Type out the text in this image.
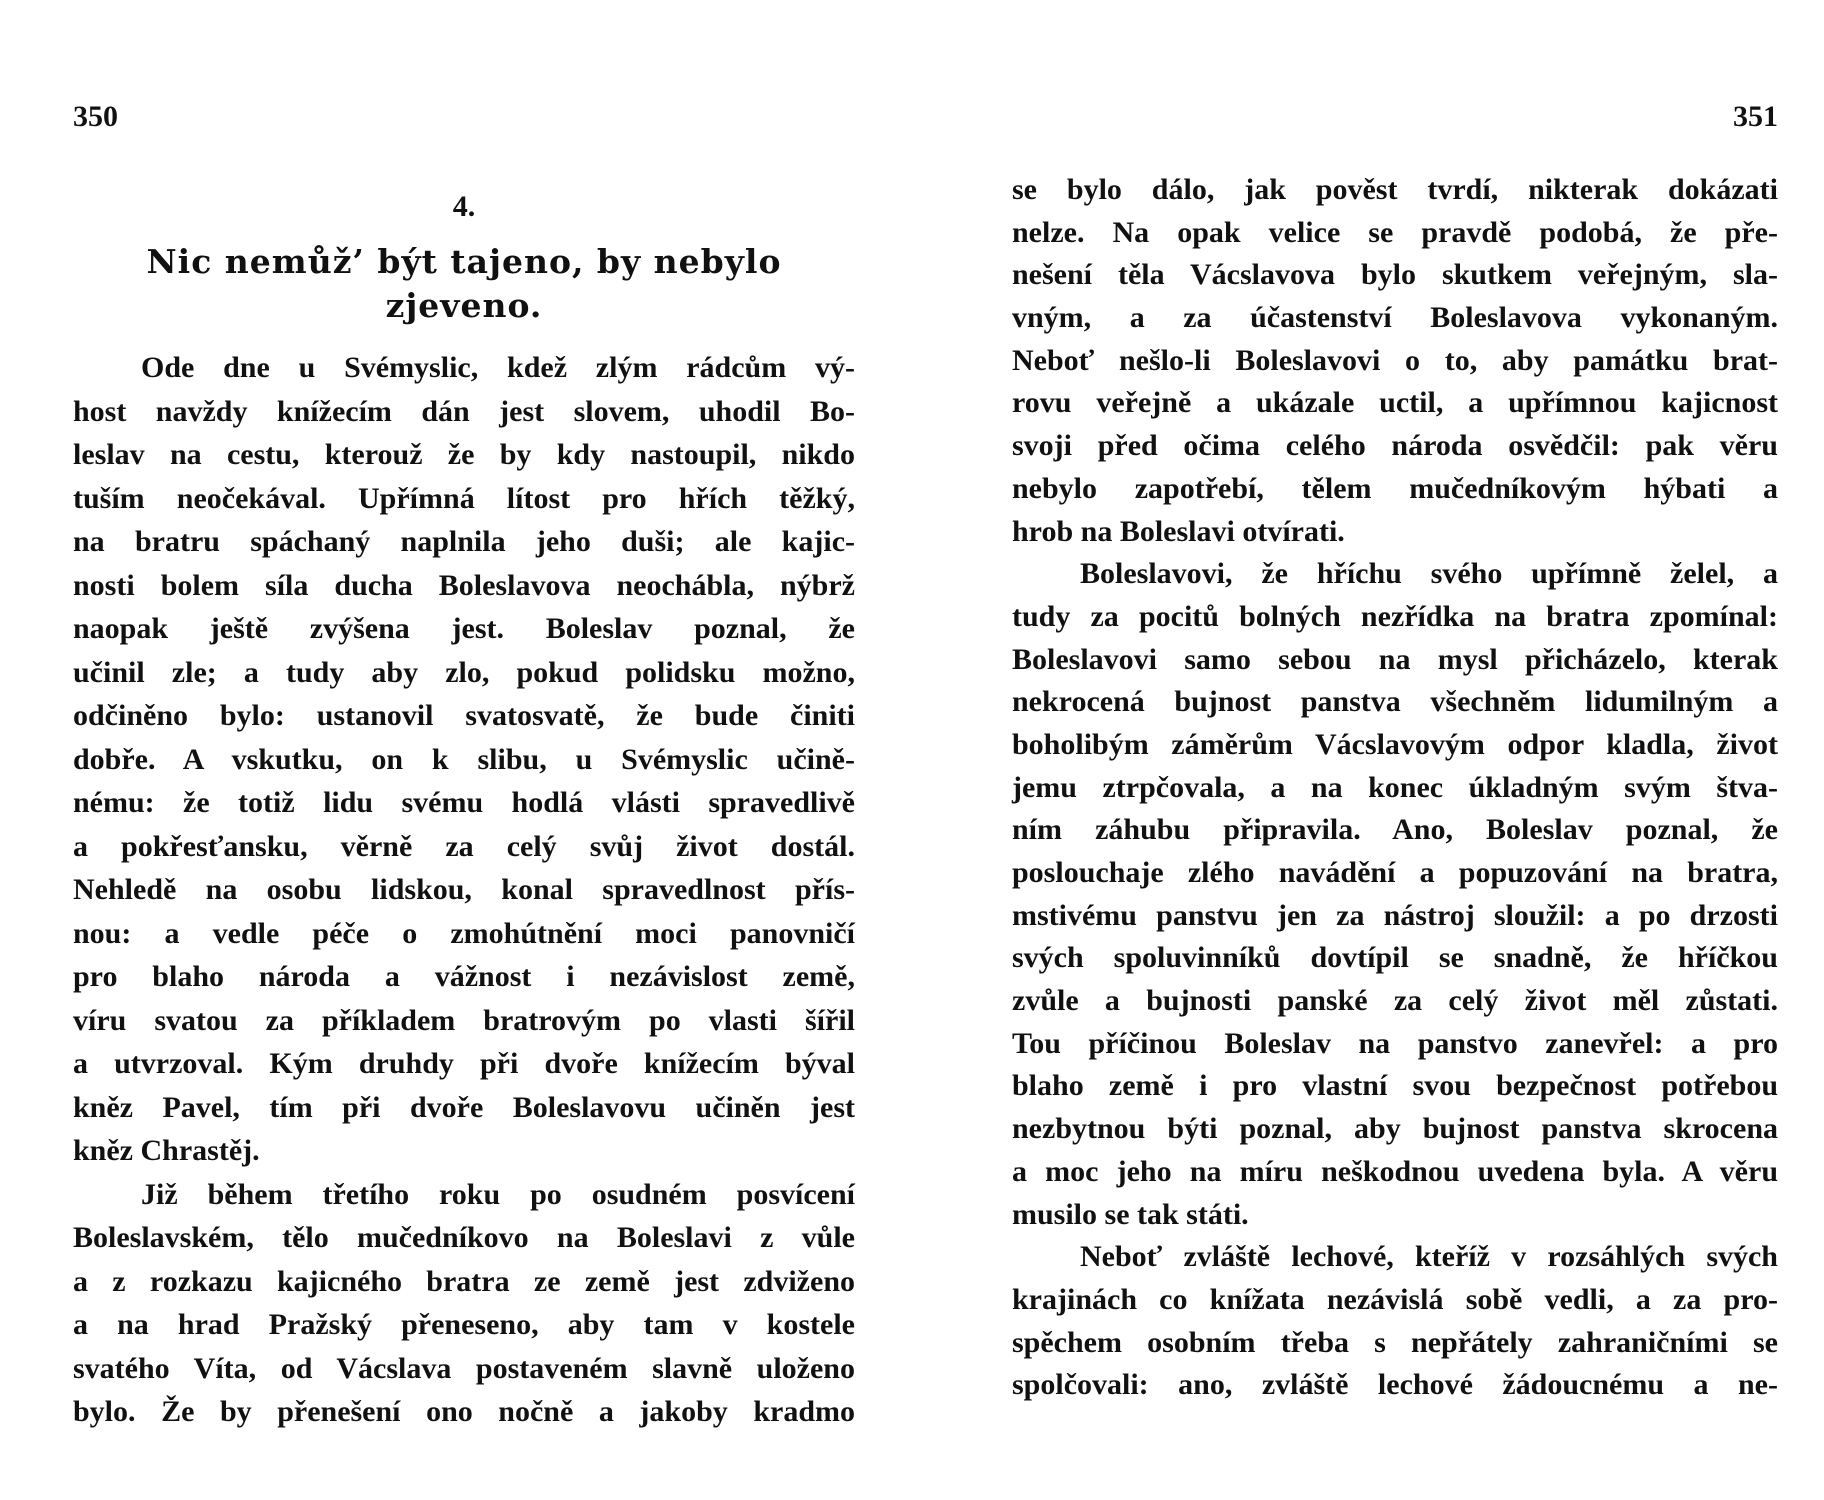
350
4.
Nic nemůž’ být tajeno, by nebylo
zjeveno.
Ode dne u Svémyslic, kdež zlým rádcům vý-
host navždy knížecím dán jest slovem, uhodil Bo-
leslav na cestu, kterouž že by kdy nastoupil, nikdo
tuším neočekával. Upřímná lítost pro hřích těžký,
na bratru spáchaný naplnila jeho duši; ale kajic-
nosti bolem síla ducha Boleslavova neochábla, nýbrž
naopak ještě zvýšena jest. Boleslav poznal, že
učinil zle; a tudy aby zlo, pokud polidsku možno,
odčiněno bylo: ustanovil svatosvatě, že bude činiti
dobře. A vskutku, on k slibu, u Svémyslic učině-
nému: že totiž lidu svému hodlá vlásti spravedlivě
a pokřesťansku, věrně za celý svůj život dostál.
Nehledě na osobu lidskou, konal spravedlnost přís-
nou: a vedle péče o zmohútnění moci panovničí
pro blaho národa a vážnost i nezávislost země,
víru svatou za příkladem bratrovým po vlasti šířil
a utvrzoval. Kým druhdy při dvoře knížecím býval
kněz Pavel, tím při dvoře Boleslavovu učiněn jest
kněz Chrastěj.
Již během třetího roku po osudném posvícení
Boleslavském, tělo mučedníkovo na Boleslavi z vůle
a z rozkazu kajicného bratra ze země jest zdviženo
a na hrad Pražský přeneseno, aby tam v kostele
svatého Víta, od Vácslava postaveném slavně uloženo
bylo. Že by přenešení ono nočně a jakoby kradmo
351
se bylo dálo, jak pověst tvrdí, nikterak dokázati
nelze. Na opak velice se pravdě podobá, že pře-
nešení těla Vácslavova bylo skutkem veřejným, sla-
vným, a za účastenství Boleslavova vykonaným.
Neboť nešlo-li Boleslavovi o to, aby památku brat-
rovu veřejně a ukázale uctil, a upřímnou kajicnost
svoji před očima celého národa osvědčil: pak věru
nebylo zapotřebí, tělem mučedníkovým hýbati a
hrob na Boleslavi otvírati.
Boleslavovi, že hříchu svého upřímně želel, a
tudy za pocitů bolných nezřídka na bratra zpomínal:
Boleslavovi samo sebou na mysl přicházelo, kterak
nekrocená bujnost panstva všechněm lidumilným a
boholibým záměrům Vácslavovým odpor kladla, život
jemu ztrpčovala, a na konec úkladným svým štva-
ním záhubu připravila. Ano, Boleslav poznal, že
poslouchaje zlého navádění a popuzování na bratra,
mstivému panstvu jen za nástroj sloužil: a po drzosti
svých spoluvinníků dovtípil se snadně, že hříčkou
zvůle a bujnosti panské za celý život měl zůstati.
Tou příčinou Boleslav na panstvo zanevřel: a pro
blaho země i pro vlastní svou bezpečnost potřebou
nezbytnou býti poznal, aby bujnost panstva skrocena
a moc jeho na míru neškodnou uvedena byla. A věru
musilo se tak státi.
Neboť zvláště lechové, kteříž v rozsáhlých svých
krajinách co knížata nezávislá sobě vedli, a za pro-
spěchem osobním třeba s nepřátely zahraničními se
spolčovali: ano, zvláště lechové žádoucnému a ne-
